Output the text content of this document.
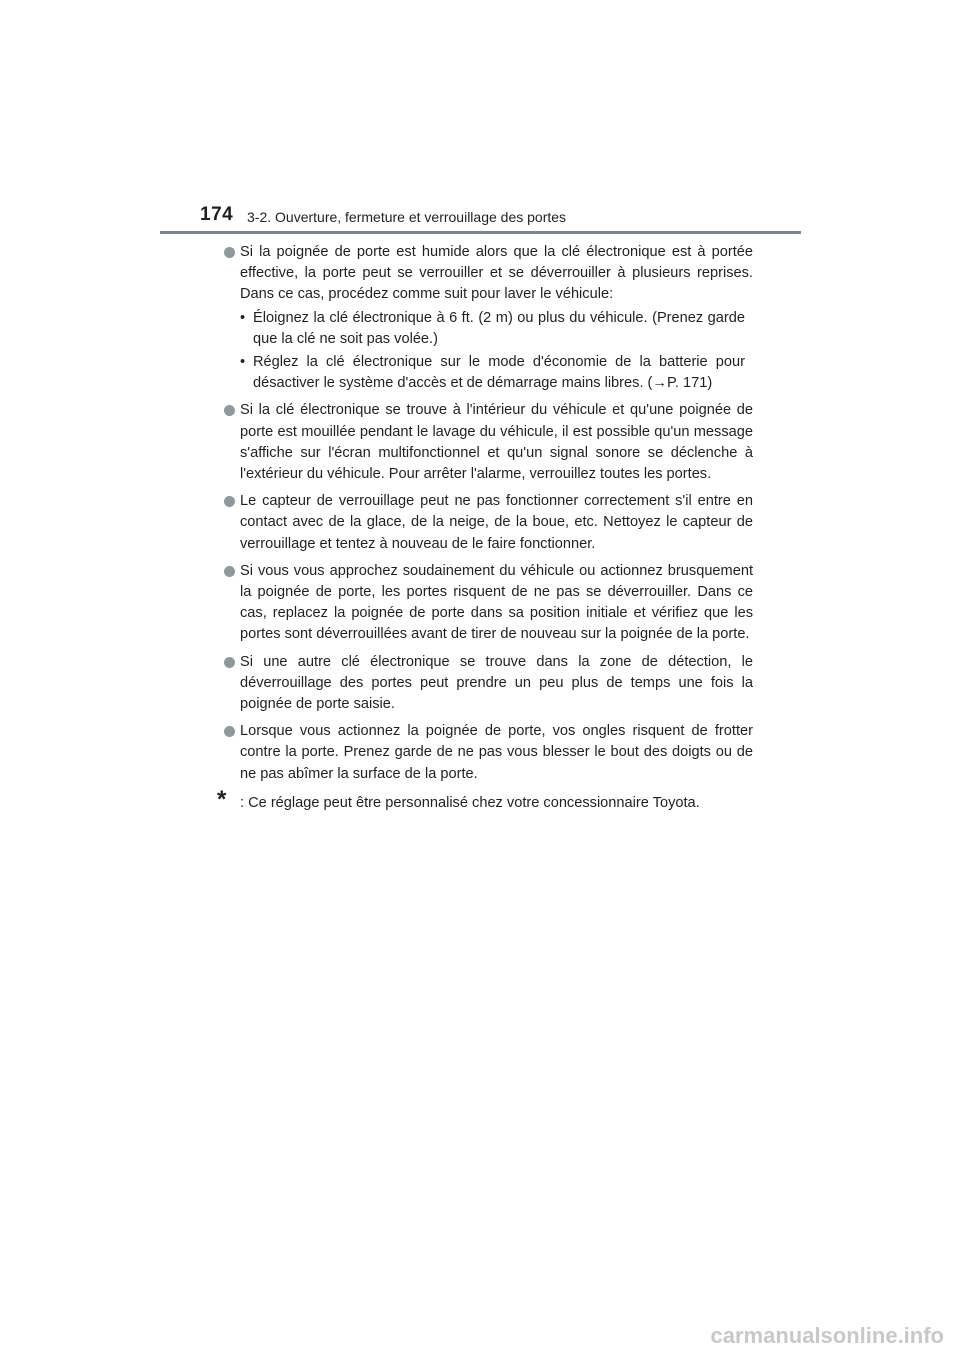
174 3-2. Ouverture, fermeture et verrouillage des portes
Si la poignée de porte est humide alors que la clé électronique est à portée effective, la porte peut se verrouiller et se déverrouiller à plusieurs reprises. Dans ce cas, procédez comme suit pour laver le véhicule:
• Éloignez la clé électronique à 6 ft. (2 m) ou plus du véhicule. (Prenez garde que la clé ne soit pas volée.)
• Réglez la clé électronique sur le mode d'économie de la batterie pour désactiver le système d'accès et de démarrage mains libres. (→P. 171)
Si la clé électronique se trouve à l'intérieur du véhicule et qu'une poignée de porte est mouillée pendant le lavage du véhicule, il est possible qu'un message s'affiche sur l'écran multifonctionnel et qu'un signal sonore se déclenche à l'extérieur du véhicule. Pour arrêter l'alarme, verrouillez toutes les portes.
Le capteur de verrouillage peut ne pas fonctionner correctement s'il entre en contact avec de la glace, de la neige, de la boue, etc. Nettoyez le capteur de verrouillage et tentez à nouveau de le faire fonctionner.
Si vous vous approchez soudainement du véhicule ou actionnez brusquement la poignée de porte, les portes risquent de ne pas se déverrouiller. Dans ce cas, replacez la poignée de porte dans sa position initiale et vérifiez que les portes sont déverrouillées avant de tirer de nouveau sur la poignée de la porte.
Si une autre clé électronique se trouve dans la zone de détection, le déverrouillage des portes peut prendre un peu plus de temps une fois la poignée de porte saisie.
Lorsque vous actionnez la poignée de porte, vos ongles risquent de frotter contre la porte. Prenez garde de ne pas vous blesser le bout des doigts ou de ne pas abîmer la surface de la porte.
* : Ce réglage peut être personnalisé chez votre concessionnaire Toyota.
carmanualsonline.info
